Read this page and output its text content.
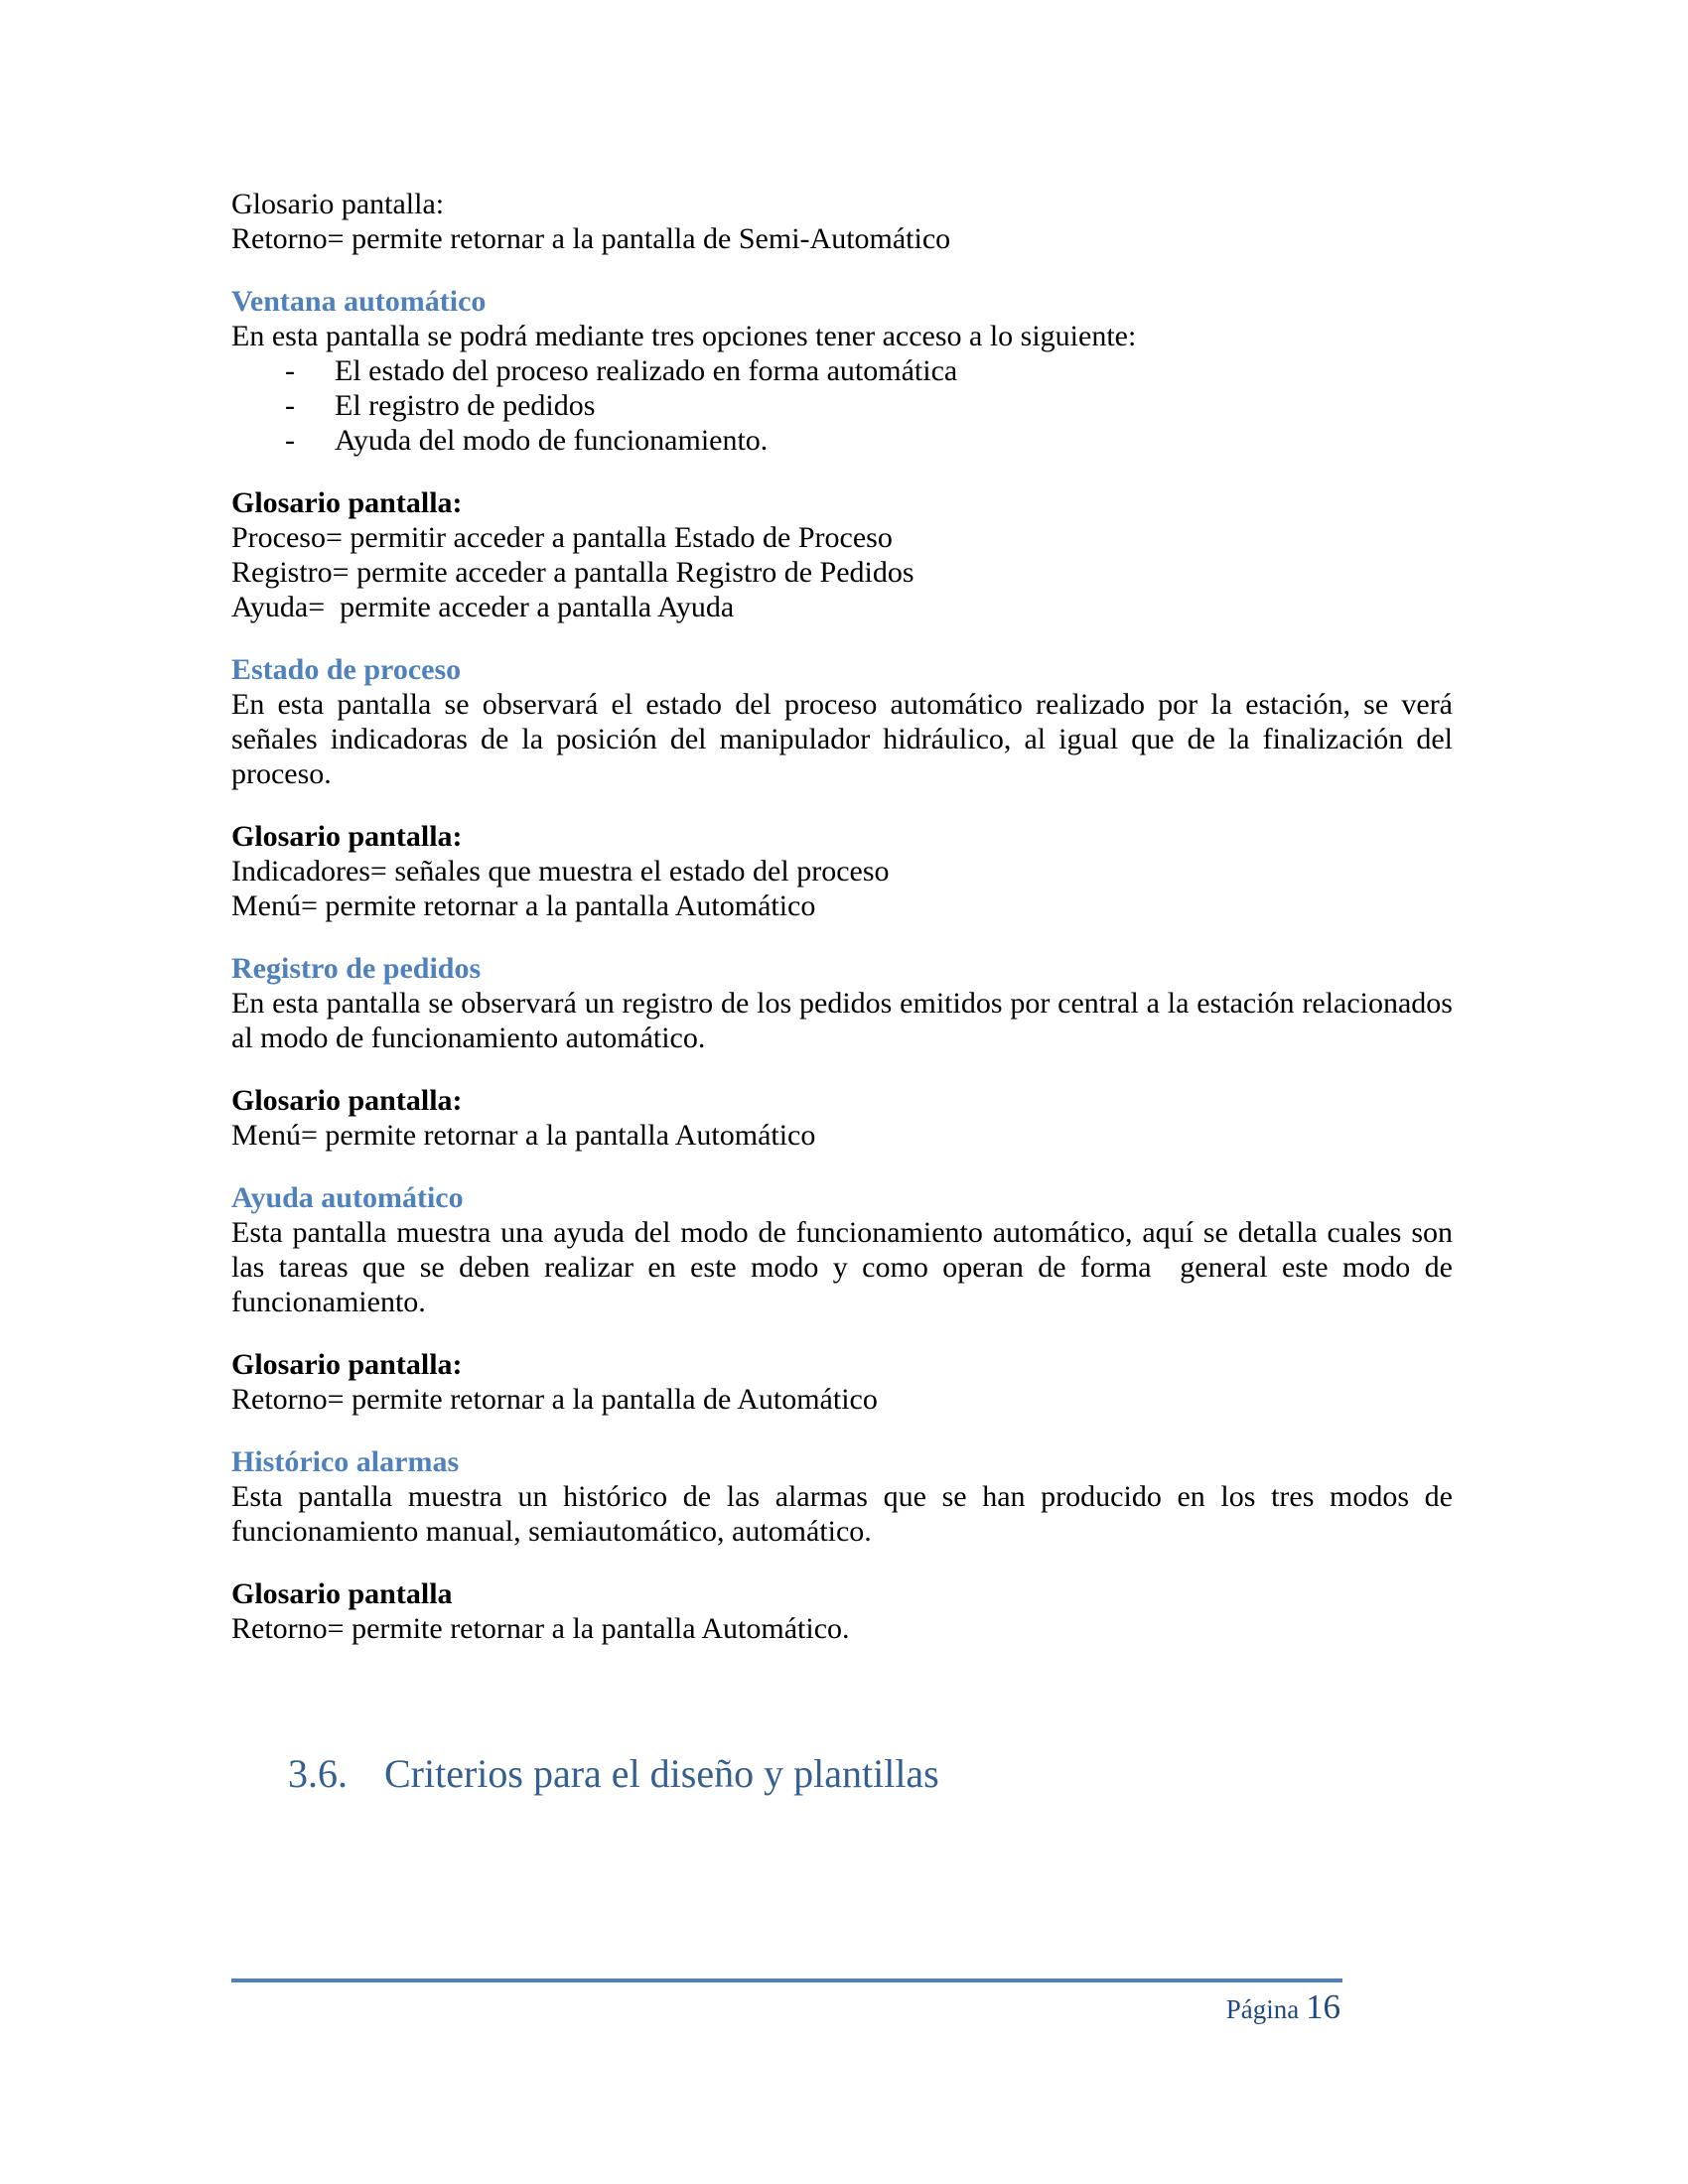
Glosario pantalla:
Retorno= permite retornar a la pantalla de Semi-Automático
Ventana automático

En esta pantalla se podrá mediante tres opciones tener acceso a lo siguiente:

-	El estado del proceso realizado en forma automática
-	El registro de pedidos
-	Ayuda del modo de funcionamiento.
Glosario pantalla:
Proceso= permitir acceder a pantalla Estado de Proceso
Registro= permite acceder a pantalla Registro de Pedidos
Ayuda=  permite acceder a pantalla Ayuda
Estado de proceso

En esta pantalla se observará el estado del proceso automático realizado por la estación, se verá señales indicadoras de la posición del manipulador hidráulico, al igual que de la finalización del proceso.

Glosario pantalla:
Indicadores= señales que muestra el estado del proceso
Menú= permite retornar a la pantalla Automático
Registro de pedidos

En esta pantalla se observará un registro de los pedidos emitidos por central a la estación relacionados al modo de funcionamiento automático.

Glosario pantalla:
Menú= permite retornar a la pantalla Automático
Ayuda automático

Esta pantalla muestra una ayuda del modo de funcionamiento automático, aquí se detalla cuales son las tareas que se deben realizar en este modo y como operan de forma  general este modo de funcionamiento.

Glosario pantalla:
Retorno= permite retornar a la pantalla de Automático
Histórico alarmas

Esta pantalla muestra un histórico de las alarmas que se han producido en los tres modos de funcionamiento manual, semiautomático, automático.

Glosario pantalla
Retorno= permite retornar a la pantalla Automático.
3.6. Criterios para el diseño y plantillas
Página 16
